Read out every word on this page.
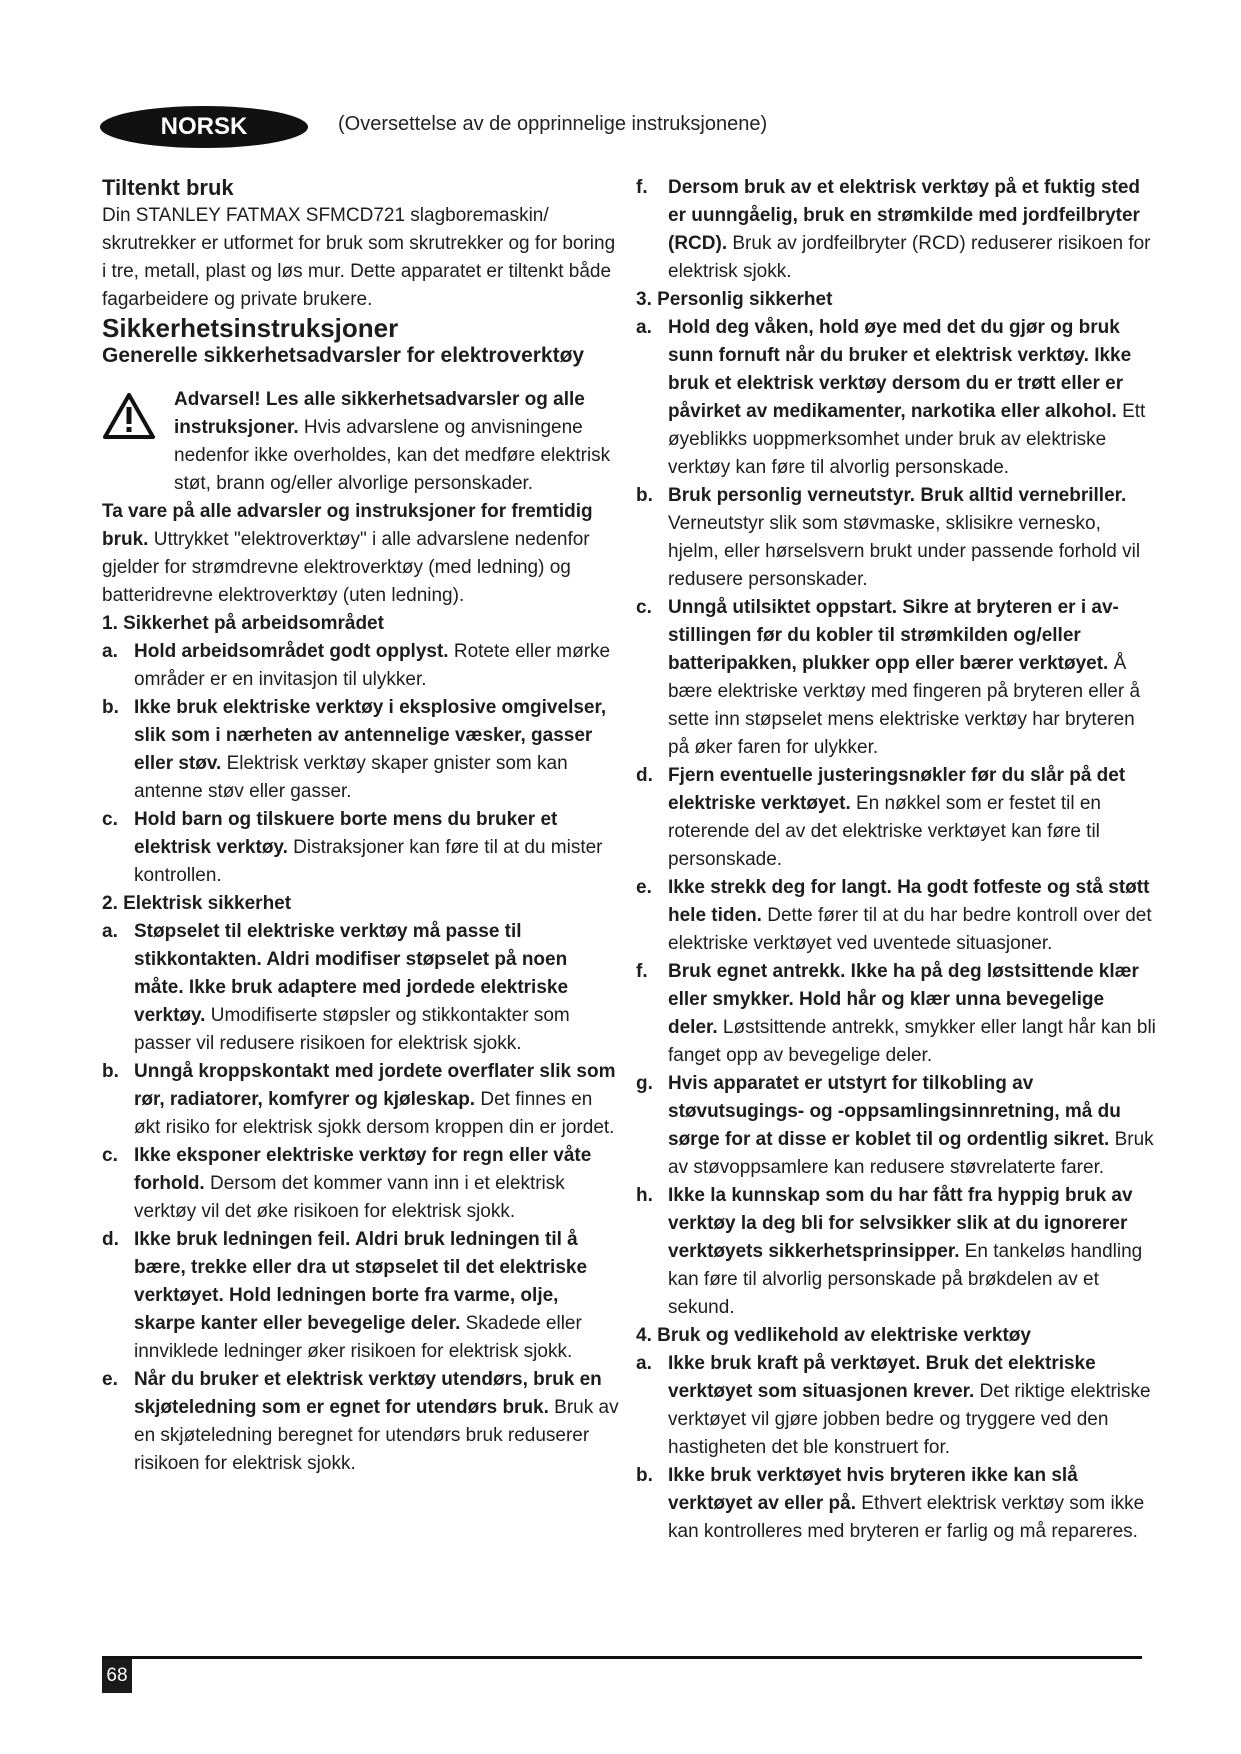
NORSK	(Oversettelse av de opprinnelige instruksjonene)

Tiltenkt bruk

Din STANLEY FATMAX SFMCD721 slagboremaskin/ skrutrekker er utformet for bruk som skrutrekker og for boring i tre, metall, plast og løs mur. Dette apparatet er tiltenkt både fagarbeidere og private brukere.

Sikkerhetsinstruksjoner

Generelle sikkerhetsadvarsler for elektroverktøy

Advarsel! Les alle sikkerhetsadvarsler og alle instruksjoner. Hvis advarslene og anvisningene nedenfor ikke overholdes, kan det medføre elektrisk støt, brann og/eller alvorlige personskader.

Ta vare på alle advarsler og instruksjoner for fremtidig bruk. Uttrykket "elektroverktøy" i alle advarslene nedenfor gjelder for strømdrevne elektroverktøy (med ledning) og batteridrevne elektroverktøy (uten ledning).

1. Sikkerhet på arbeidsområdet

a. Hold arbeidsområdet godt opplyst. Rotete eller mørke områder er en invitasjon til ulykker.
b. Ikke bruk elektriske verktøy i eksplosive omgivelser, slik som i nærheten av antennelige væsker, gasser eller støv. Elektrisk verktøy skaper gnister som kan antenne støv eller gasser.
c. Hold barn og tilskuere borte mens du bruker et elektrisk verktøy. Distraksjoner kan føre til at du mister kontrollen.

2. Elektrisk sikkerhet

a. Støpselet til elektriske verktøy må passe til stikkontakten. Aldri modifiser støpselet på noen måte. Ikke bruk adaptere med jordede elektriske verktøy. Umodifiserte støpsler og stikkontakter som passer vil redusere risikoen for elektrisk sjokk.
b. Unngå kroppskontakt med jordete overflater slik som rør, radiatorer, komfyrer og kjøleskap. Det finnes en økt risiko for elektrisk sjokk dersom kroppen din er jordet.
c. Ikke eksponer elektriske verktøy for regn eller våte forhold. Dersom det kommer vann inn i et elektrisk verktøy vil det øke risikoen for elektrisk sjokk.
d. Ikke bruk ledningen feil. Aldri bruk ledningen til å bære, trekke eller dra ut støpselet til det elektriske verktøyet. Hold ledningen borte fra varme, olje, skarpe kanter eller bevegelige deler. Skadede eller innviklede ledninger øker risikoen for elektrisk sjokk.
e. Når du bruker et elektrisk verktøy utendørs, bruk en skjøteledning som er egnet for utendørs bruk. Bruk av en skjøteledning beregnet for utendørs bruk reduserer risikoen for elektrisk sjokk.
f. Dersom bruk av et elektrisk verktøy på et fuktig sted er uunngåelig, bruk en strømkilde med jordfeilbryter (RCD). Bruk av jordfeilbryter (RCD) reduserer risikoen for elektrisk sjokk.

3. Personlig sikkerhet

a. Hold deg våken, hold øye med det du gjør og bruk sunn fornuft når du bruker et elektrisk verktøy. Ikke bruk et elektrisk verktøy dersom du er trøtt eller er påvirket av medikamenter, narkotika eller alkohol. Ett øyeblikks uoppmerksomhet under bruk av elektriske verktøy kan føre til alvorlig personskade.
b. Bruk personlig verneutstyr. Bruk alltid vernebriller. Verneutstyr slik som støvmaske, sklisikre vernesko, hjelm, eller hørselsvern brukt under passende forhold vil redusere personskader.
c. Unngå utilsiktet oppstart. Sikre at bryteren er i av-stillingen før du kobler til strømkilden og/eller batteripakken, plukker opp eller bærer verktøyet. Å bære elektriske verktøy med fingeren på bryteren eller å sette inn støpselet mens elektriske verktøy har bryteren på øker faren for ulykker.
d. Fjern eventuelle justeringsnøkler før du slår på det elektriske verktøyet. En nøkkel som er festet til en roterende del av det elektriske verktøyet kan føre til personskade.
e. Ikke strekk deg for langt. Ha godt fotfeste og stå støtt hele tiden. Dette fører til at du har bedre kontroll over det elektriske verktøyet ved uventede situasjoner.
f. Bruk egnet antrekk. Ikke ha på deg løstsittende klær eller smykker. Hold hår og klær unna bevegelige deler. Løstsittende antrekk, smykker eller langt hår kan bli fanget opp av bevegelige deler.
g. Hvis apparatet er utstyrt for tilkobling av støvutsugings- og -oppsamlingsinnretning, må du sørge for at disse er koblet til og ordentlig sikret. Bruk av støvoppsamlere kan redusere støvrelaterte farer.
h. Ikke la kunnskap som du har fått fra hyppig bruk av verktøy la deg bli for selvsikker slik at du ignorerer verktøyets sikkerhetsprinsipper. En tankeløs handling kan føre til alvorlig personskade på brøkdelen av et sekund.

4. Bruk og vedlikehold av elektriske verktøy

a. Ikke bruk kraft på verktøyet. Bruk det elektriske verktøyet som situasjonen krever. Det riktige elektriske verktøyet vil gjøre jobben bedre og tryggere ved den hastigheten det ble konstruert for.
b. Ikke bruk verktøyet hvis bryteren ikke kan slå verktøyet av eller på. Ethvert elektrisk verktøy som ikke kan kontrolleres med bryteren er farlig og må repareres.
68
